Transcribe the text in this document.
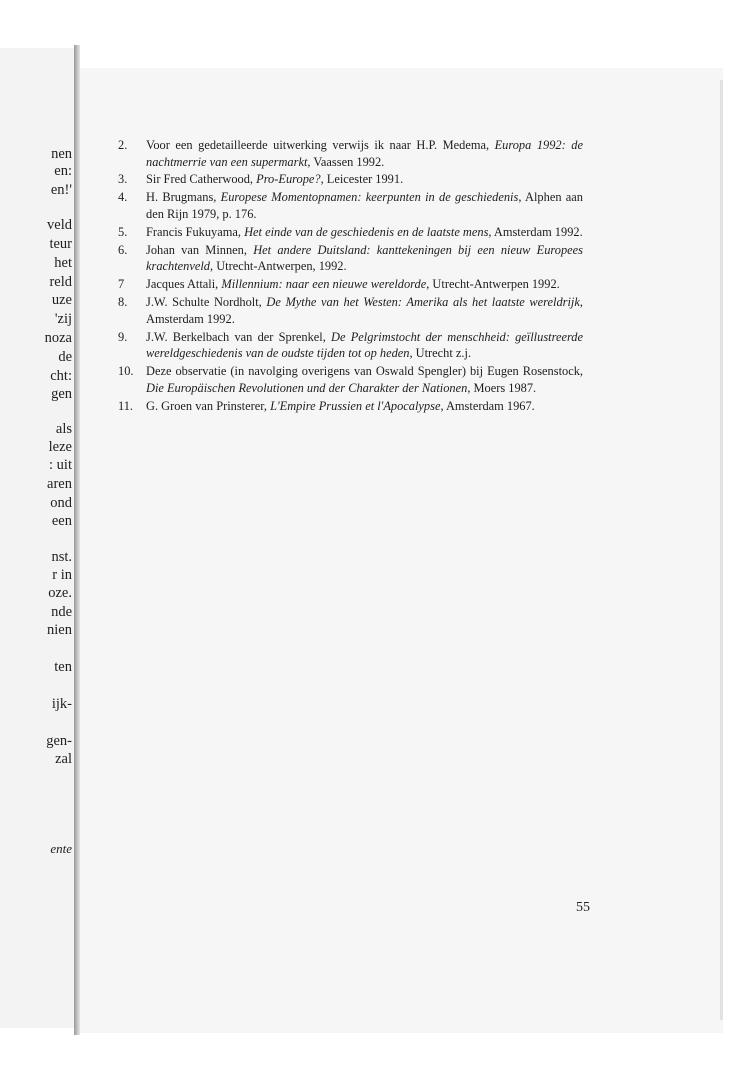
nen
en:
en!'
veld
teur
het
reld
uze
'zij
noza
de
cht:
gen
als
leze
: uit
aren
ond
een
nst.
r in
oze.
nde
nien
ten
ijk-
gen-
zal
ente
2.	Voor een gedetailleerde uitwerking verwijs ik naar H.P. Medema, Europa 1992: de nachtmerrie van een supermarkt, Vaassen 1992.
3.	Sir Fred Catherwood, Pro-Europe?, Leicester 1991.
4.	H. Brugmans, Europese Momentopnamen: keerpunten in de geschiedenis, Alphen aan den Rijn 1979, p. 176.
5.	Francis Fukuyama, Het einde van de geschiedenis en de laatste mens, Amsterdam 1992.
6.	Johan van Minnen, Het andere Duitsland: kanttekeningen bij een nieuw Europees krachtenveld, Utrecht-Antwerpen, 1992.
7	Jacques Attali, Millennium: naar een nieuwe wereldorde, Utrecht-Antwerpen 1992.
8.	J.W. Schulte Nordholt, De Mythe van het Westen: Amerika als het laatste wereldrijk, Amsterdam 1992.
9.	J.W. Berkelbach van der Sprenkel, De Pelgrimstocht der menschheid: geïllustreerde wereldgeschiedenis van de oudste tijden tot op heden, Utrecht z.j.
10.	Deze observatie (in navolging overigens van Oswald Spengler) bij Eugen Rosenstock, Die Europäischen Revolutionen und der Charakter der Nationen, Moers 1987.
11.	G. Groen van Prinsterer, L'Empire Prussien et l'Apocalypse, Amsterdam 1967.
55
